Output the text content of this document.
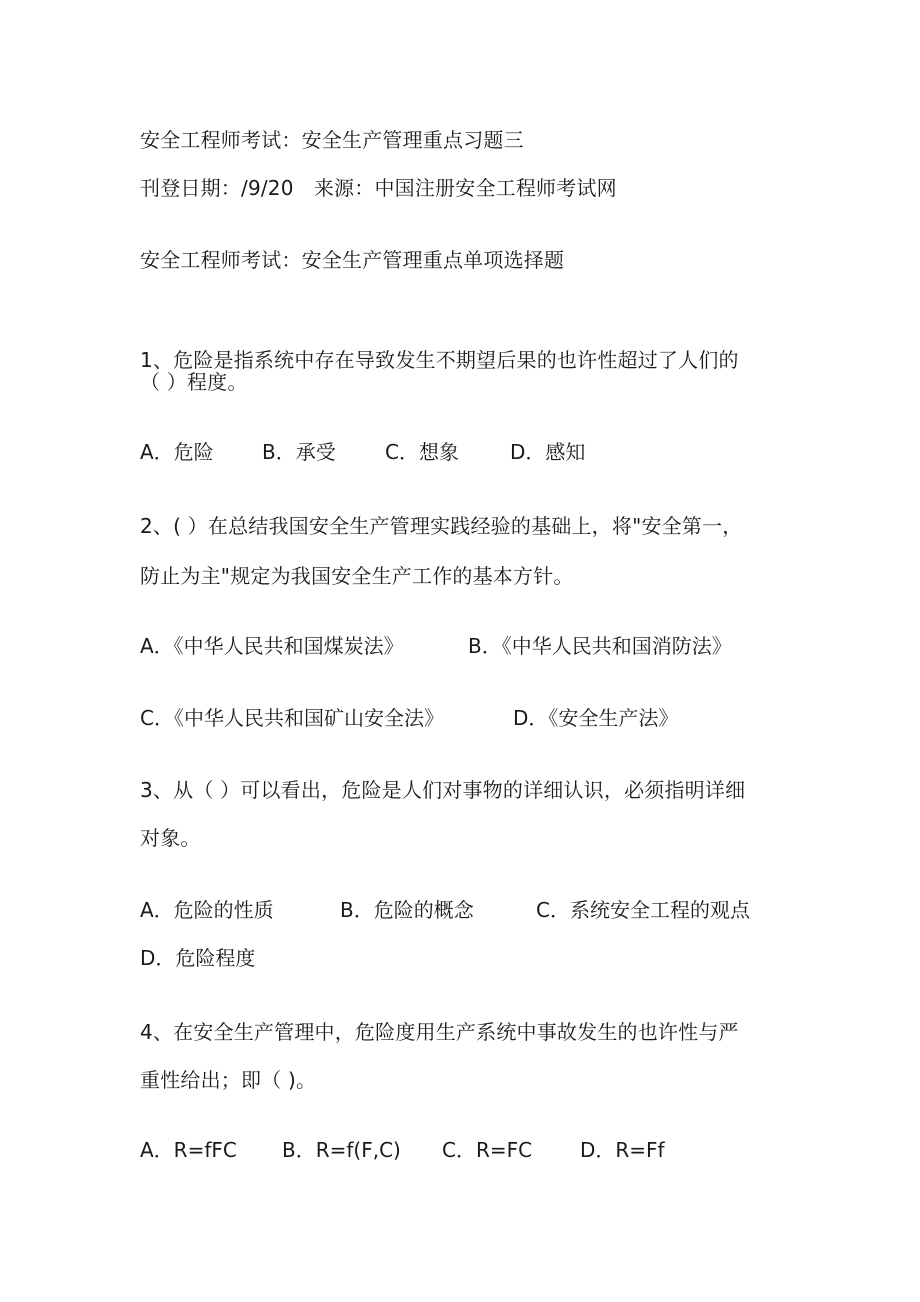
安全工程师考试：安全生产管理重点习题三
刊登日期：/9/20　来源：中国注册安全工程师考试网
安全工程师考试：安全生产管理重点单项选择题
1、危险是指系统中存在导致发生不期望后果的也许性超过了人们的
（ ）程度。
A．危险 B．承受 C．想象	D．感知
2、( ）在总结我国安全生产管理实践经验的基础上，将"安全第一，
防止为主"规定为我国安全生产工作的基本方针。
A．《中华人民共和国煤炭法》	B．《中华人民共和国消防法》
C．《中华人民共和国矿山安全法》	D．《安全生产法》
3、从（ ）可以看出，危险是人们对事物的详细认识，必须指明详细
对象。
A．危险的性质	B．危险的概念	C．系统安全工程的观点
D．危险程度
4、在安全生产管理中，危险度用生产系统中事故发生的也许性与严
重性给出；即（ )。
A．R=fFC B．R=f(F,C) C．R=FC D．R=Ff
